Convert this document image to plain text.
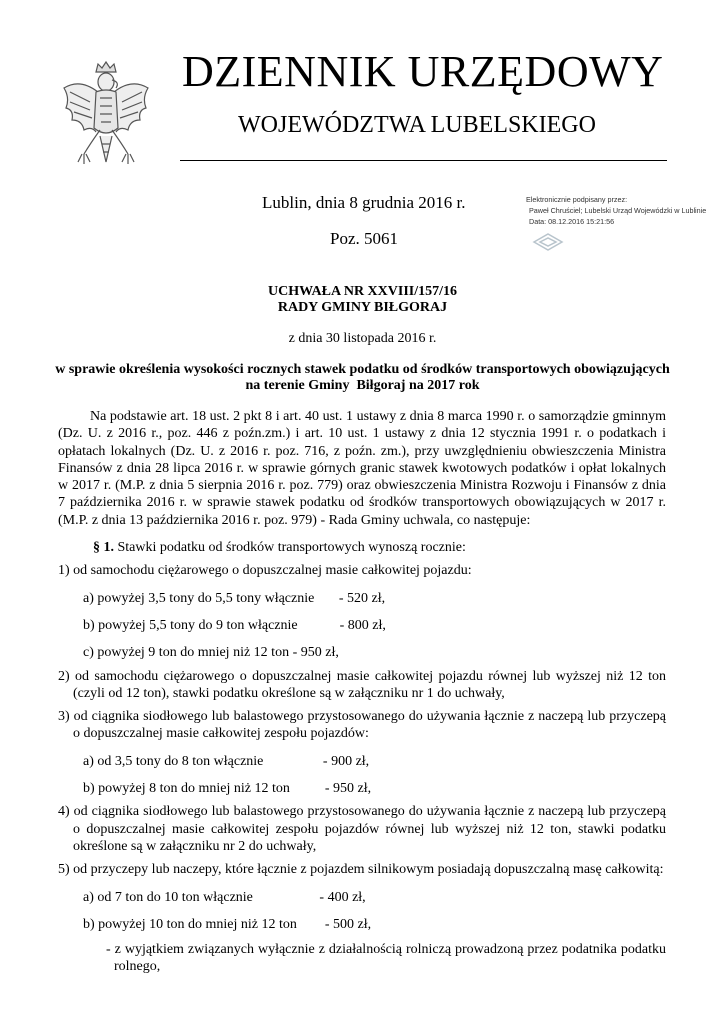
DZIENNIK URZĘDOWY
WOJEWÓDZTWA LUBELSKIEGO
Lublin, dnia 8 grudnia 2016 r.
Poz. 5061
Elektronicznie podpisany przez:
Paweł Chruściel; Lubelski Urząd Wojewódzki w Lublinie
Data: 08.12.2016 15:21:56
UCHWAŁA NR XXVIII/157/16
RADY GMINY BIŁGORAJ
z dnia 30 listopada 2016 r.
w sprawie określenia wysokości rocznych stawek podatku od środków transportowych obowiązujących
na terenie Gminy  Biłgoraj na 2017 rok

Na podstawie art. 18 ust. 2 pkt 8 i art. 40 ust. 1 ustawy z dnia 8 marca 1990 r. o samorządzie gminnym (Dz. U. z 2016 r., poz. 446 z poźn.zm.) i art. 10 ust. 1 ustawy z dnia 12 stycznia 1991 r. o podatkach i opłatach lokalnych (Dz. U. z 2016 r. poz. 716, z poźn. zm.), przy uwzględnieniu obwieszczenia Ministra Finansów z dnia 28 lipca 2016 r. w sprawie górnych granic stawek kwotowych podatków i opłat lokalnych w 2017 r. (M.P. z dnia 5 sierpnia 2016 r. poz. 779) oraz obwieszczenia Ministra Rozwoju i Finansów z dnia 7 października 2016 r. w sprawie stawek podatku od środków transportowych obowiązujących w 2017 r. (M.P. z dnia 13 października 2016 r. poz. 979) - Rada Gminy uchwala, co następuje:

§ 1. Stawki podatku od środków transportowych wynoszą rocznie:

1) od samochodu ciężarowego o dopuszczalnej masie całkowitej pojazdu:

a) powyżej 3,5 tony do 5,5 tony włącznie       - 520 zł,

b) powyżej 5,5 tony do 9 ton włącznie            - 800 zł,

c) powyżej 9 ton do mniej niż 12 ton - 950 zł,

2) od samochodu ciężarowego o dopuszczalnej masie całkowitej pojazdu równej lub wyższej niż 12 ton (czyli od 12 ton), stawki podatku określone są w załączniku nr 1 do uchwały,

3) od ciągnika siodłowego lub balastowego przystosowanego do używania łącznie z naczepą lub przyczepą o dopuszczalnej masie całkowitej zespołu pojazdów:

a) od 3,5 tony do 8 ton włącznie                 - 900 zł,

b) powyżej 8 ton do mniej niż 12 ton          - 950 zł,

4) od ciągnika siodłowego lub balastowego przystosowanego do używania łącznie z naczepą lub przyczepą o dopuszczalnej masie całkowitej zespołu pojazdów równej lub wyższej niż 12 ton, stawki podatku określone są w załączniku nr 2 do uchwały,

5) od przyczepy lub naczepy, które łącznie z pojazdem silnikowym posiadają dopuszczalną masę całkowitą:

a) od 7 ton do 10 ton włącznie                   - 400 zł,

b) powyżej 10 ton do mniej niż 12 ton        - 500 zł,

- z wyjątkiem związanych wyłącznie z działalnością rolniczą prowadzoną przez podatnika podatku rolnego,
